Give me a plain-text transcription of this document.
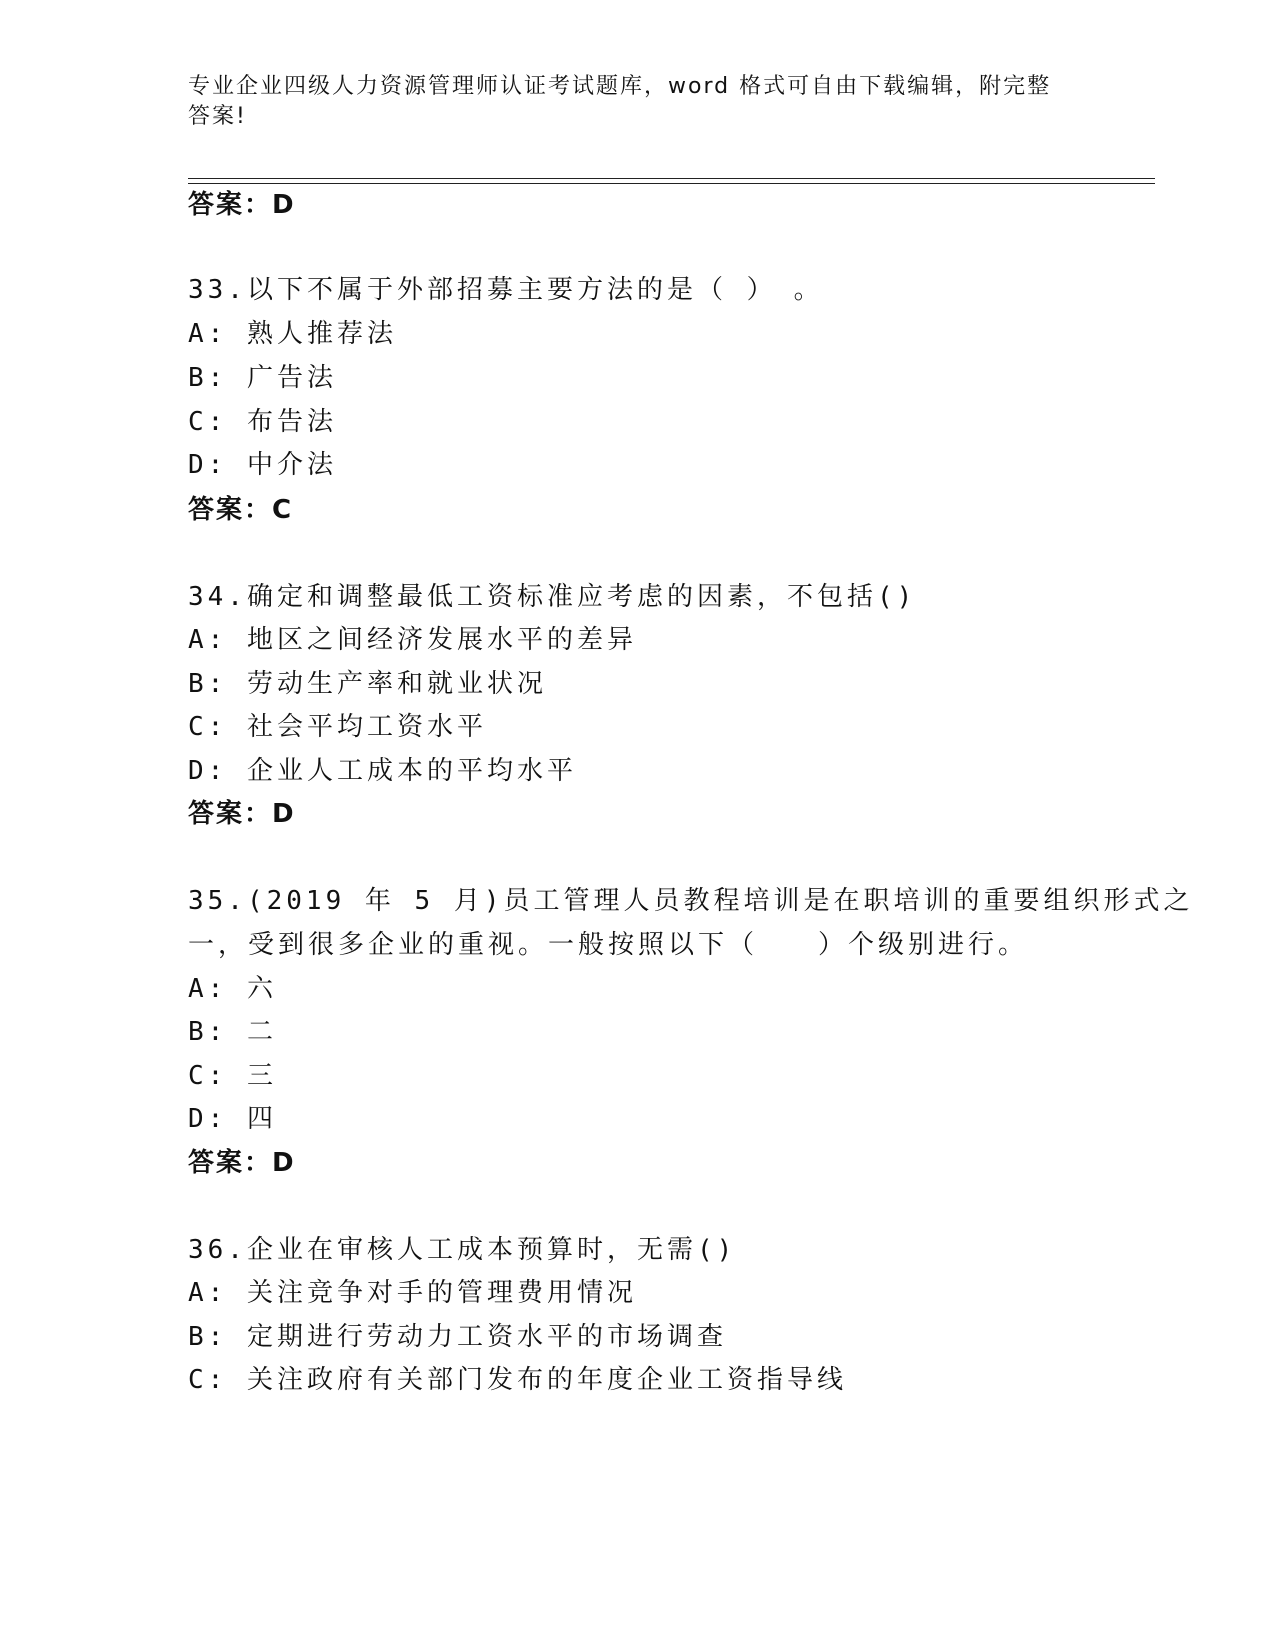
专业企业四级人力资源管理师认证考试题库，word 格式可自由下载编辑，附完整
答案!
答案：D
33.以下不属于外部招募主要方法的是（ ）　。
A: 熟人推荐法
B: 广告法
C: 布告法
D: 中介法
答案：C
34.确定和调整最低工资标准应考虑的因素，不包括()
A: 地区之间经济发展水平的差异
B: 劳动生产率和就业状况
C: 社会平均工资水平
D: 企业人工成本的平均水平
答案：D
35.(2019 年 5 月)员工管理人员教程培训是在职培训的重要组织形式之
一，受到很多企业的重视。一般按照以下（　　）个级别进行。
A: 六
B: 二
C: 三
D: 四
答案：D
36.企业在审核人工成本预算时，无需()
A: 关注竞争对手的管理费用情况
B: 定期进行劳动力工资水平的市场调查
C: 关注政府有关部门发布的年度企业工资指导线
